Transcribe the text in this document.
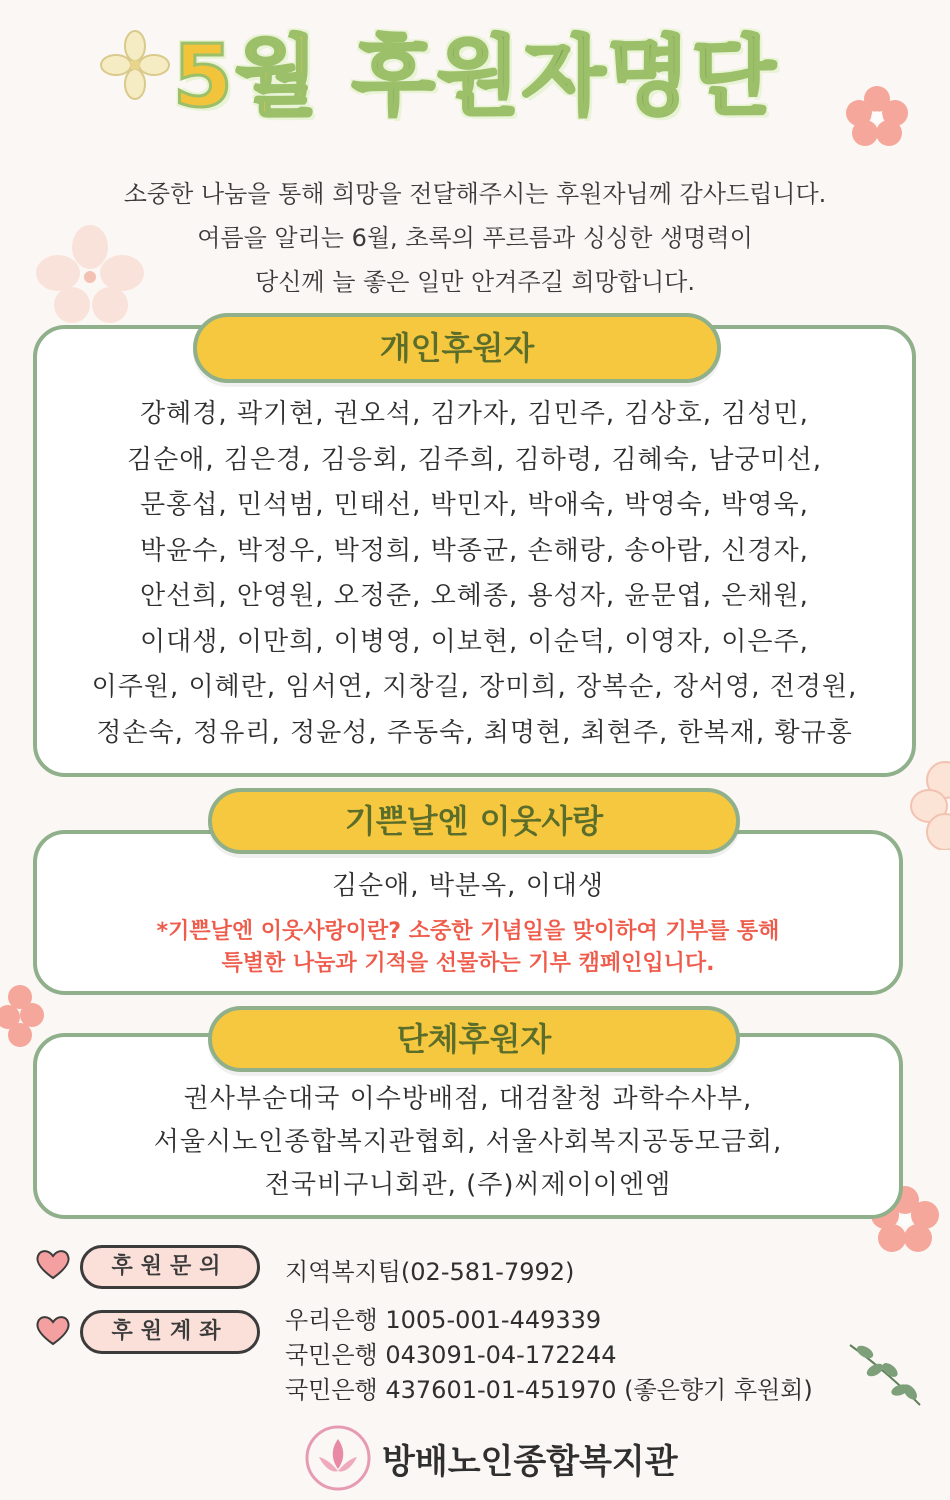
5월 후원자명단
소중한 나눔을 통해 희망을 전달해주시는 후원자님께 감사드립니다.
여름을 알리는 6월, 초록의 푸르름과 싱싱한 생명력이
당신께 늘 좋은 일만 안겨주길 희망합니다.
개인후원자
강혜경, 곽기현, 권오석, 김가자, 김민주, 김상호, 김성민,
김순애, 김은경, 김응회, 김주희, 김하령, 김혜숙, 남궁미선,
문홍섭, 민석범, 민태선, 박민자, 박애숙, 박영숙, 박영욱,
박윤수, 박정우, 박정희, 박종균, 손해랑, 송아람, 신경자,
안선희, 안영원, 오정준, 오혜종, 용성자, 윤문엽, 은채원,
이대생, 이만희, 이병영, 이보현, 이순덕, 이영자, 이은주,
이주원, 이혜란, 임서연, 지창길, 장미희, 장복순, 장서영, 전경원,
정손숙, 정유리, 정윤성, 주동숙, 최명현, 최현주, 한복재, 황규홍
기쁜날엔 이웃사랑
김순애, 박분옥, 이대생
*기쁜날엔 이웃사랑이란? 소중한 기념일을 맞이하여 기부를 통해
특별한 나눔과 기적을 선물하는 기부 캠페인입니다.
단체후원자
권사부순대국 이수방배점, 대검찰청 과학수사부,
서울시노인종합복지관협회, 서울사회복지공동모금회,
전국비구니회관, (주)씨제이이엔엠
후원문의	지역복지팀(02-581-7992)
후원계좌	우리은행 1005-001-449339
국민은행 043091-04-172244
국민은행 437601-01-451970 (좋은향기 후원회)
방배노인종합복지관
